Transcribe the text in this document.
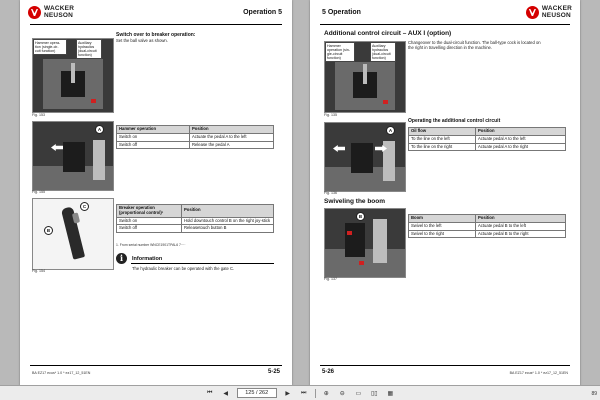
WACKER
NEUSON	Operation 5
Hammer opera-
tion (single-cir-
cuit function)
Auxiliary
hydraulics
(dual-circuit
function)
Fig. 153
Switch over to breaker operation:
Set the ball valve as shown.
A
Fig. 155
Hammer operation	Position
Switch on	Actuate the pedal A to the left
Switch off	Release the pedal A
C
B
Fig. 154
Breaker operation (proportional control)¹	Position
Switch on	Hold downtouch control B on the right joy-stick
Switch off	Releasetouch button B
1. From serial number WNCE1901TPAL6 7····
i	Information
The hydraulic breaker can be operated with the gate C.
BA EZ17 ecus* 1.0 * ez17_12_51EN	5-25
5 Operation
WACKER
NEUSON
Additional control circuit – AUX I (option)
Hammer
operation (sin-
gle-circuit
function)
Auxiliary
hydraulics
(dual-circuit
function)
Fig. 135
Changeover to the dual-circuit function. The ball-type cock is located on
the right in travelling direction in the machine.
Operating the additional control circuit
A
Fig. 136
Oil flow	Position
To the line on the left	Actuate pedal A to the left
To the line on the right	Actuate pedal A to the right
Swiveling the boom
B
Fig. 137
Boom	Position
Swivel to the left	Actuate pedal B to the left
Swivel to the right	Actuate pedal B to the right
5-26	BA EZ17 ecus* 1.0 * ez17_12_51EN
⏮	◀	125 / 262	▶	⏭	⊕	⊖	▭	▯▯	▦	89
